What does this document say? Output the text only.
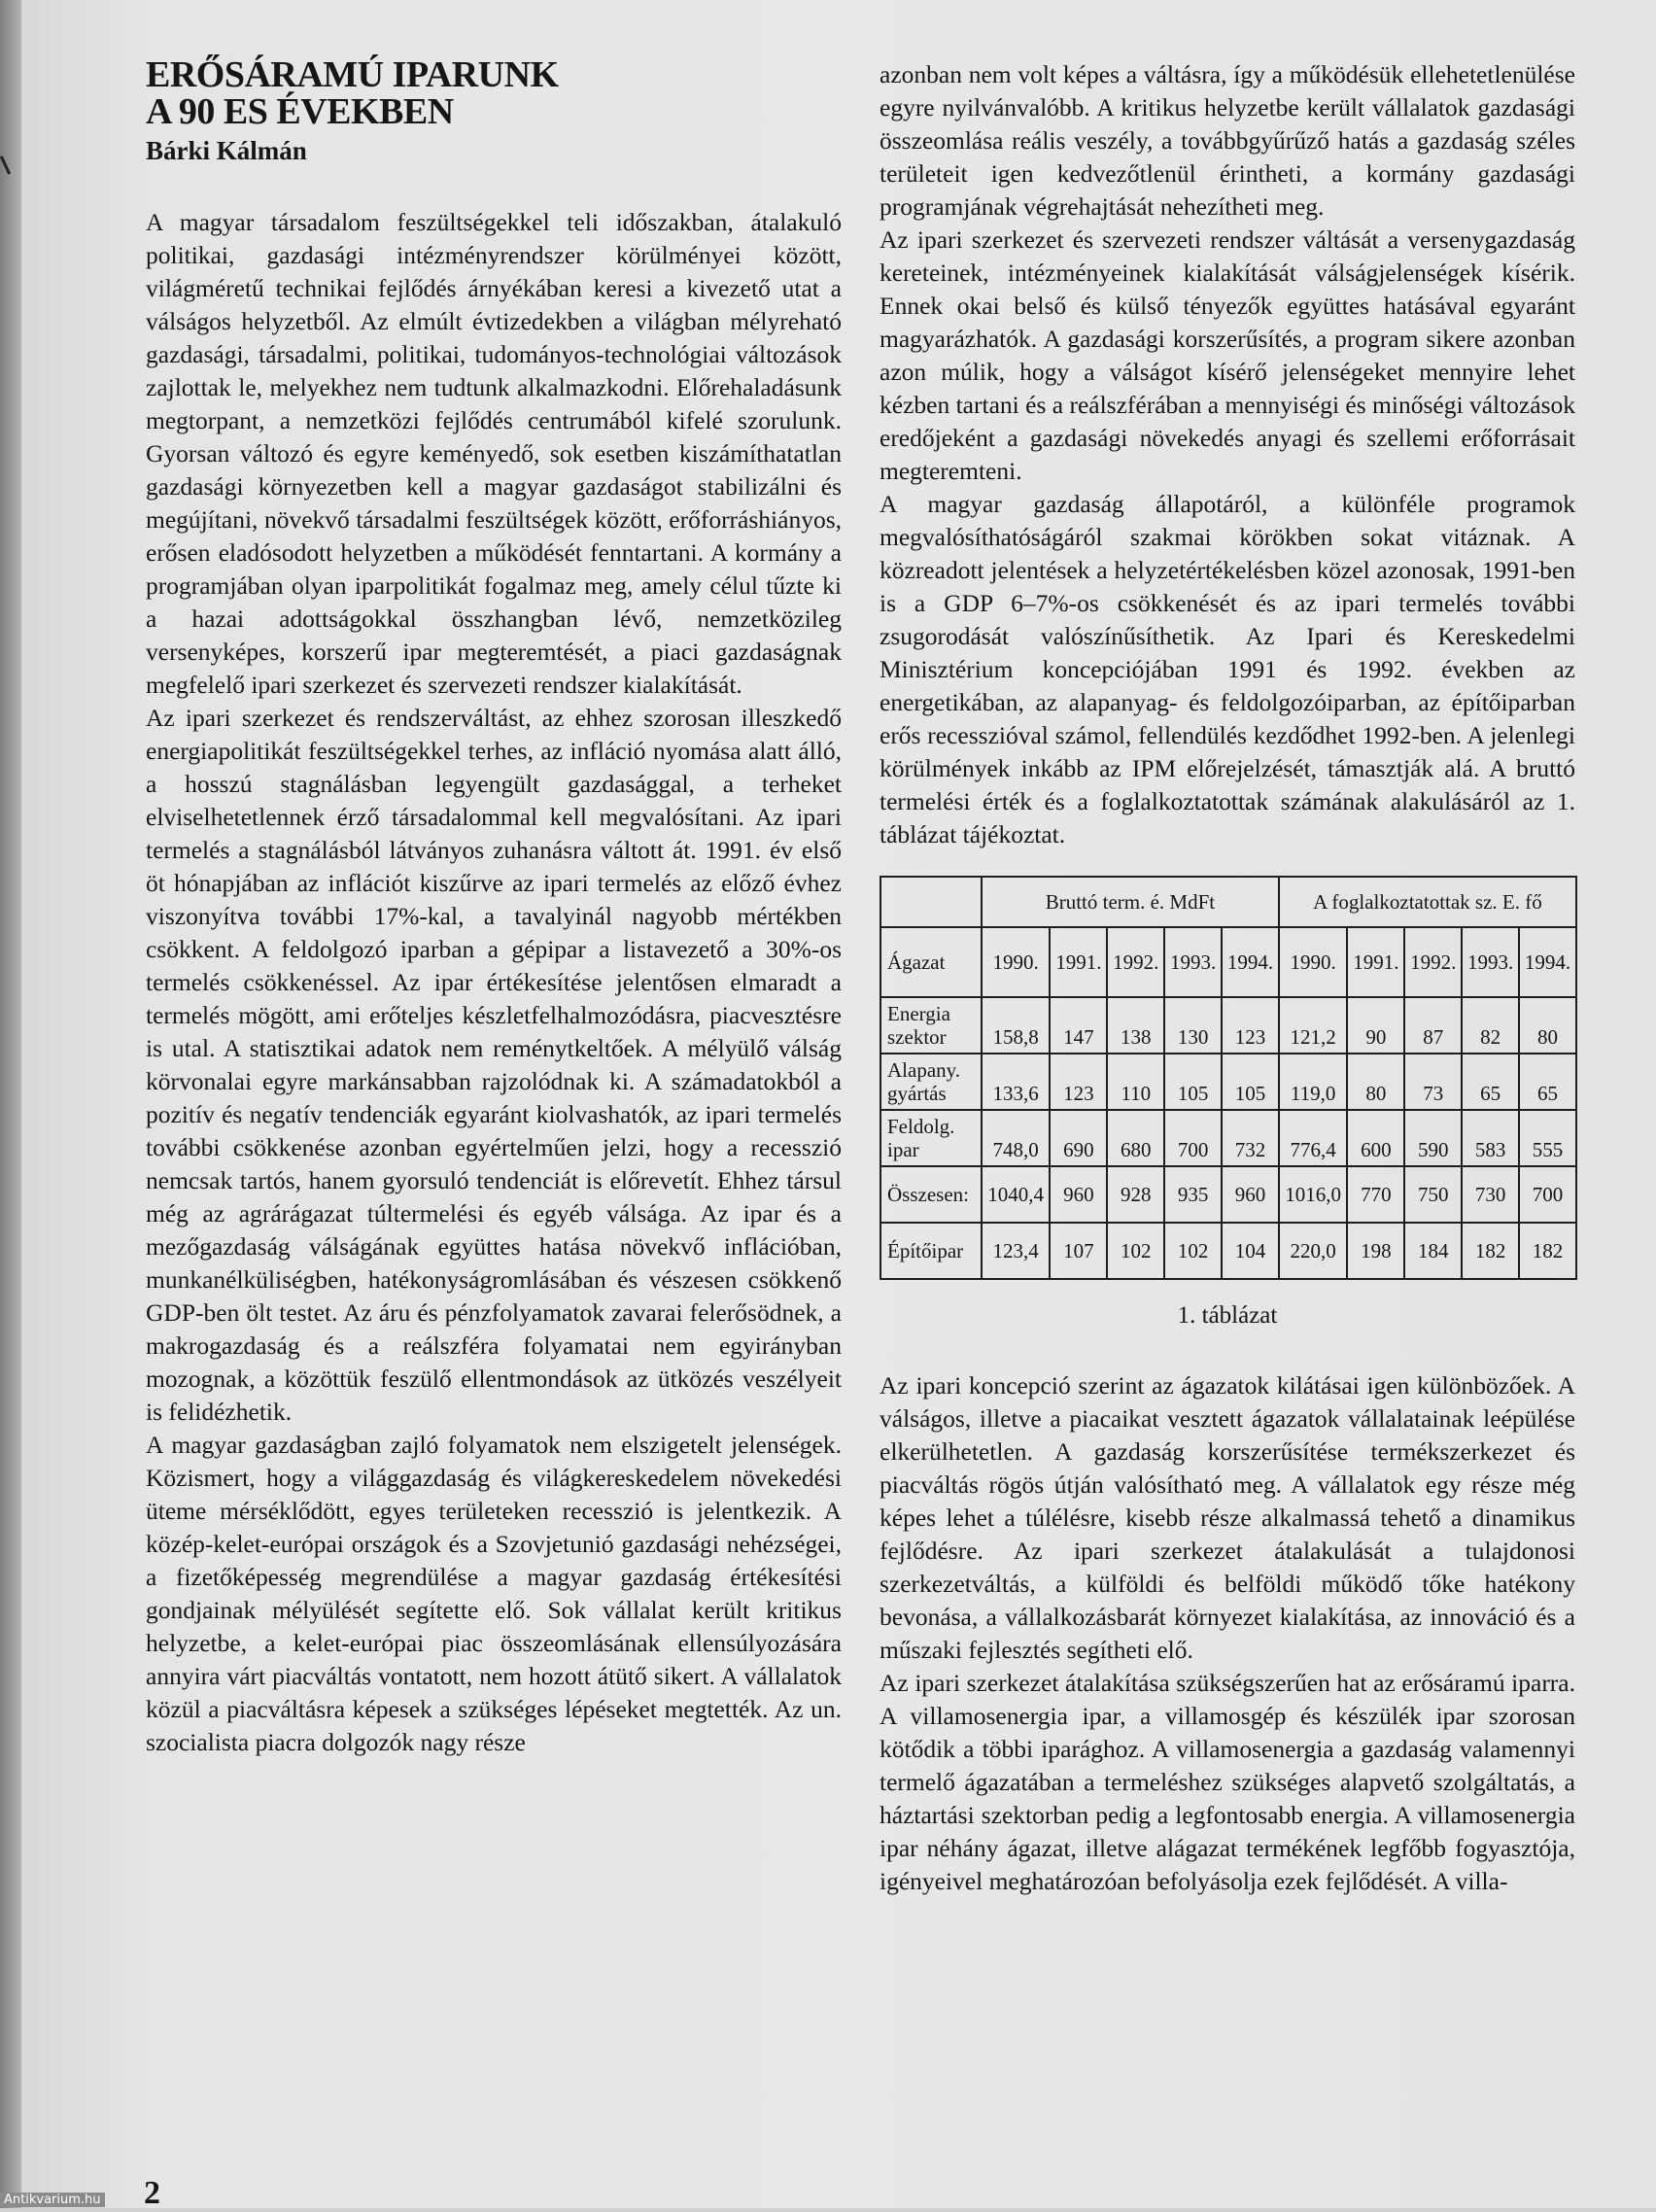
ERŐSÁRAMÚ IPARUNK
A 90 ES ÉVEKBEN
Bárki Kálmán

A magyar társadalom feszültségekkel teli időszakban, átalakuló politikai, gazdasági intézményrendszer körülményei között, világméretű technikai fejlődés árnyékában keresi a kivezető utat a válságos helyzetből. Az elmúlt évtizedekben a világban mélyreható gazdasági, társadalmi, politikai, tudományos-technológiai változások zajlottak le, melyekhez nem tudtunk alkalmazkodni. Előrehaladásunk megtorpant, a nemzetközi fejlődés centrumából kifelé szorulunk. Gyorsan változó és egyre keményedő, sok esetben kiszámíthatatlan gazdasági környezetben kell a magyar gazdaságot stabilizálni és megújítani, növekvő társadalmi feszültségek között, erőforráshiányos, erősen eladósodott helyzetben a működését fenntartani. A kormány a programjában olyan iparpolitikát fogalmaz meg, amely célul tűzte ki a hazai adottságokkal összhangban lévő, nemzetközileg versenyképes, korszerű ipar megteremtését, a piaci gazdaságnak megfelelő ipari szerkezet és szervezeti rendszer kialakítását.

Az ipari szerkezet és rendszerváltást, az ehhez szorosan illeszkedő energiapolitikát feszültségekkel terhes, az infláció nyomása alatt álló, a hosszú stagnálásban legyengült gazdasággal, a terheket elviselhetetlennek érző társadalommal kell megvalósítani. Az ipari termelés a stagnálásból látványos zuhanásra váltott át. 1991. év első öt hónapjában az inflációt kiszűrve az ipari termelés az előző évhez viszonyítva további 17%-kal, a tavalyinál nagyobb mértékben csökkent. A feldolgozó iparban a gépipar a listavezető a 30%-os termelés csökkenéssel. Az ipar értékesítése jelentősen elmaradt a termelés mögött, ami erőteljes készletfelhalmozódásra, piacvesztésre is utal. A statisztikai adatok nem reménytkeltőek. A mélyülő válság körvonalai egyre markánsabban rajzolódnak ki. A számadatokból a pozitív és negatív tendenciák egyaránt kiolvashatók, az ipari termelés további csökkenése azonban egyértelműen jelzi, hogy a recesszió nemcsak tartós, hanem gyorsuló tendenciát is előrevetít. Ehhez társul még az agrárágazat túltermelési és egyéb válsága. Az ipar és a mezőgazdaság válságának együttes hatása növekvő inflációban, munkanélküliségben, hatékonyságromlásában és vészesen csökkenő GDP-ben ölt testet. Az áru és pénzfolyamatok zavarai felerősödnek, a makrogazdaság és a reálszféra folyamatai nem egyirányban mozognak, a közöttük feszülő ellentmondások az ütközés veszélyeit is felidézhetik.

A magyar gazdaságban zajló folyamatok nem elszigetelt jelenségek. Közismert, hogy a világgazdaság és világkereskedelem növekedési üteme mérséklődött, egyes területeken recesszió is jelentkezik. A közép-kelet-európai országok és a Szovjetunió gazdasági nehézségei, a fizetőképesség megrendülése a magyar gazdaság értékesítési gondjainak mélyülését segítette elő. Sok vállalat került kritikus helyzetbe, a kelet-európai piac összeomlásának ellensúlyozására annyira várt piacváltás vontatott, nem hozott átütő sikert. A vállalatok közül a piacváltásra képesek a szükséges lépéseket megtették. Az un. szocialista piacra dolgozók nagy része

azonban nem volt képes a váltásra, így a működésük ellehetetlenülése egyre nyilvánvalóbb. A kritikus helyzetbe került vállalatok gazdasági összeomlása reális veszély, a továbbgyűrűző hatás a gazdaság széles területeit igen kedvezőtlenül érintheti, a kormány gazdasági programjának végrehajtását nehezítheti meg.

Az ipari szerkezet és szervezeti rendszer váltását a versenygazdaság kereteinek, intézményeinek kialakítását válságjelenségek kísérik. Ennek okai belső és külső tényezők együttes hatásával egyaránt magyarázhatók. A gazdasági korszerűsítés, a program sikere azonban azon múlik, hogy a válságot kísérő jelenségeket mennyire lehet kézben tartani és a reálszférában a mennyiségi és minőségi változások eredőjeként a gazdasági növekedés anyagi és szellemi erőforrásait megteremteni.

A magyar gazdaság állapotáról, a különféle programok megvalósíthatóságáról szakmai körökben sokat vitáznak. A közreadott jelentések a helyzetértékelésben közel azonosak, 1991-ben is a GDP 6–7%-os csökkenését és az ipari termelés további zsugorodását valószínűsíthetik. Az Ipari és Kereskedelmi Minisztérium koncepciójában 1991 és 1992. években az energetikában, az alapanyag- és feldolgozóiparban, az építőiparban erős recesszióval számol, fellendülés kezdődhet 1992-ben. A jelenlegi körülmények inkább az IPM előrejelzését, támasztják alá. A bruttó termelési érték és a foglalkoztatottak számának alakulásáról az 1. táblázat tájékoztat.

	Bruttó term. é. MdFt					A foglalkoztatottak sz. E. fő				
Ágazat	1990.	1991.	1992.	1993.	1994.	1990.	1991.	1992.	1993.	1994.
Energia
szektor	158,8	147	138	130	123	121,2	90	87	82	80
Alapany.
gyártás	133,6	123	110	105	105	119,0	80	73	65	65
Feldolg.
ipar	748,0	690	680	700	732	776,4	600	590	583	555
Összesen:	1040,4	960	928	935	960	1016,0	770	750	730	700
Építőipar	123,4	107	102	102	104	220,0	198	184	182	182
1. táblázat

Az ipari koncepció szerint az ágazatok kilátásai igen különbözőek. A válságos, illetve a piacaikat vesztett ágazatok vállalatainak leépülése elkerülhetetlen. A gazdaság korszerűsítése termékszerkezet és piacváltás rögös útján valósítható meg. A vállalatok egy része még képes lehet a túlélésre, kisebb része alkalmassá tehető a dinamikus fejlődésre. Az ipari szerkezet átalakulását a tulajdonosi szerkezetváltás, a külföldi és belföldi működő tőke hatékony bevonása, a vállalkozásbarát környezet kialakítása, az innováció és a műszaki fejlesztés segítheti elő.

Az ipari szerkezet átalakítása szükségszerűen hat az erősáramú iparra. A villamosenergia ipar, a villamosgép és készülék ipar szorosan kötődik a többi iparághoz. A villamosenergia a gazdaság valamennyi termelő ágazatában a termeléshez szükséges alapvető szolgáltatás, a háztartási szektorban pedig a legfontosabb energia. A villamosenergia ipar néhány ágazat, illetve alágazat termékének legfőbb fogyasztója, igényeivel meghatározóan befolyásolja ezek fejlődését. A villa-

2
Antikvarium.hu
